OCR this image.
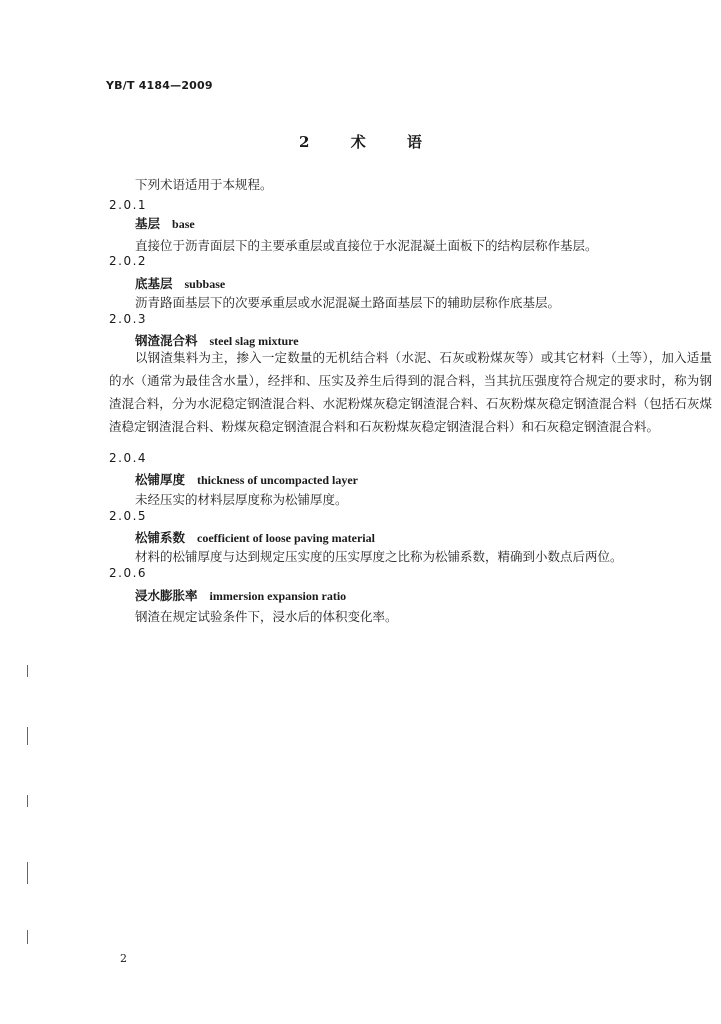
YB/T 4184—2009
2 术 语
下列术语适用于本规程。
2.0.1
基层 base
直接位于沥青面层下的主要承重层或直接位于水泥混凝土面板下的结构层称作基层。
2.0.2
底基层 subbase
沥青路面基层下的次要承重层或水泥混凝土路面基层下的辅助层称作底基层。
2.0.3
钢渣混合料 steel slag mixture
以钢渣集料为主，掺入一定数量的无机结合料（水泥、石灰或粉煤灰等）或其它材料（土等），加入适量的水（通常为最佳含水量），经拌和、压实及养生后得到的混合料，当其抗压强度符合规定的要求时，称为钢渣混合料，分为水泥稳定钢渣混合料、水泥粉煤灰稳定钢渣混合料、石灰粉煤灰稳定钢渣混合料（包括石灰煤渣稳定钢渣混合料、粉煤灰稳定钢渣混合料和石灰粉煤灰稳定钢渣混合料）和石灰稳定钢渣混合料。
2.0.4
松铺厚度 thickness of uncompacted layer
未经压实的材料层厚度称为松铺厚度。
2.0.5
松铺系数 coefficient of loose paving material
材料的松铺厚度与达到规定压实度的压实厚度之比称为松铺系数，精确到小数点后两位。
2.0.6
浸水膨胀率 immersion expansion ratio
钢渣在规定试验条件下，浸水后的体积变化率。
2
